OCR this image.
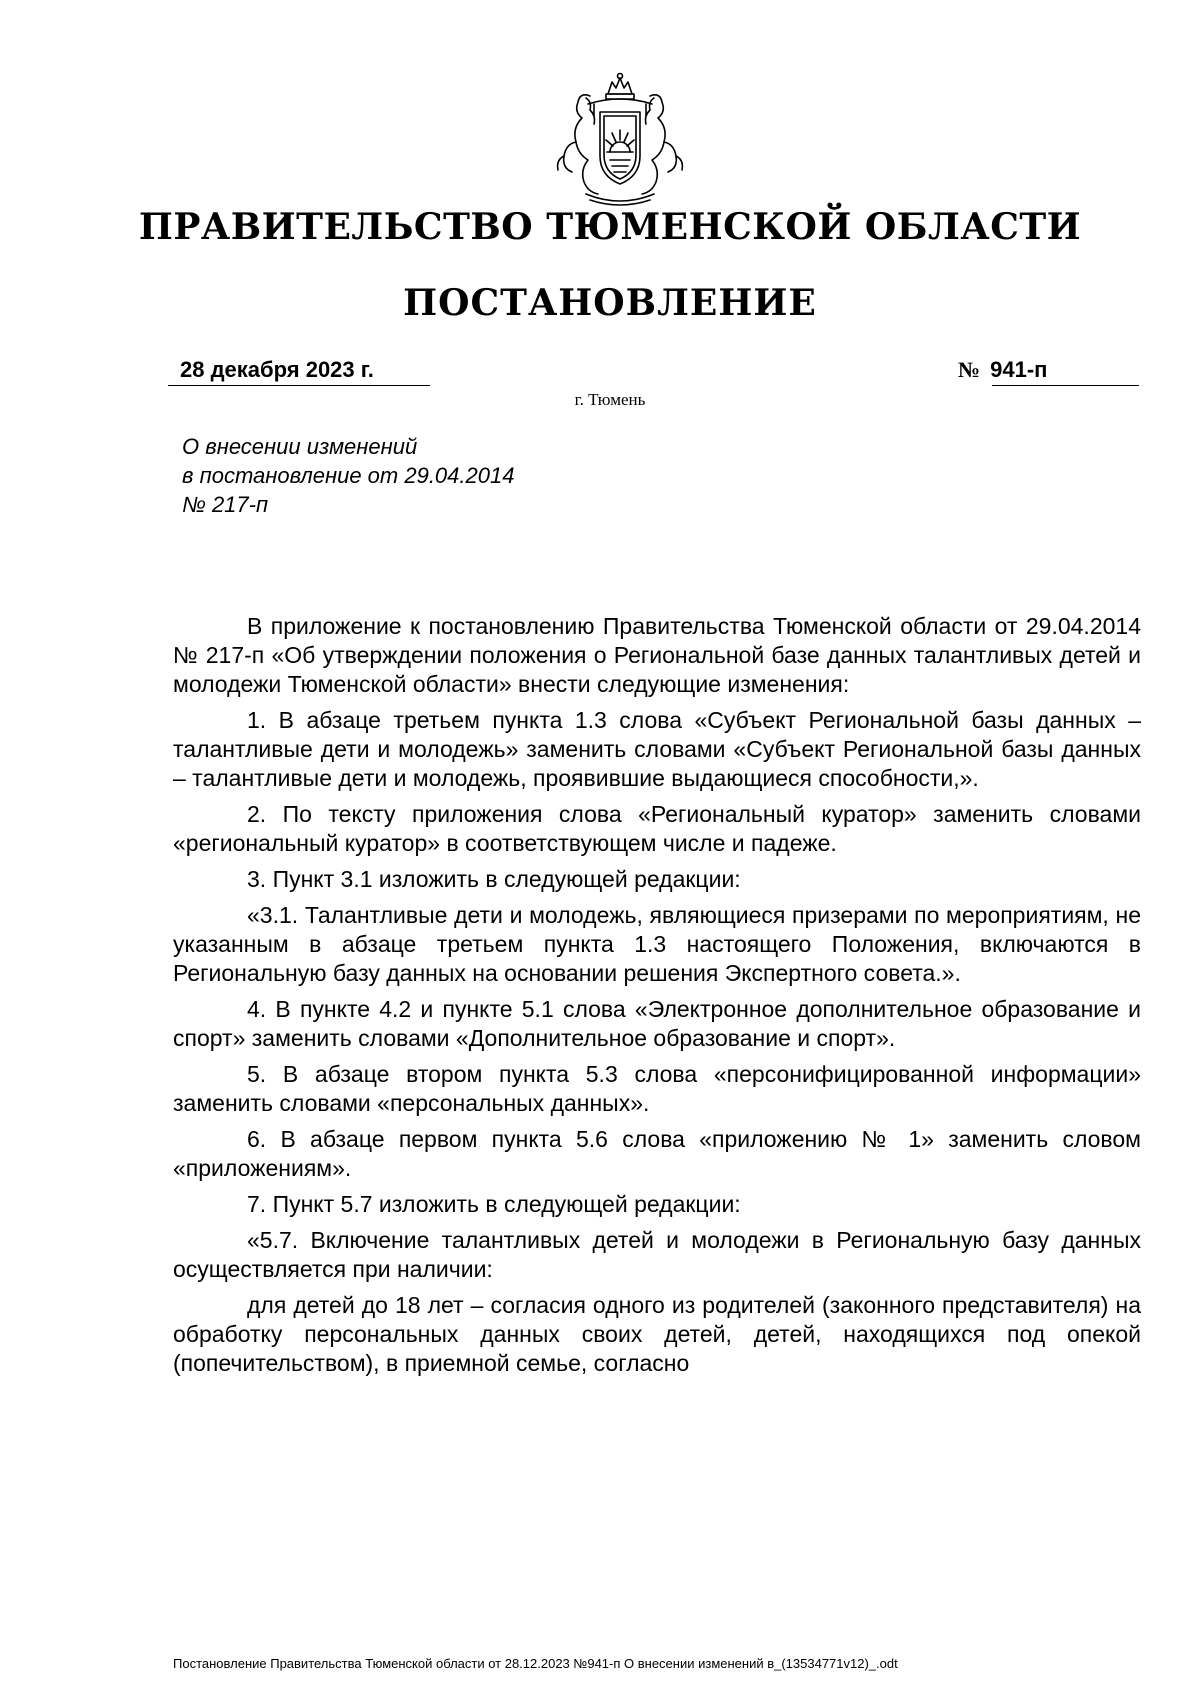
ПРАВИТЕЛЬСТВО ТЮМЕНСКОЙ ОБЛАСТИ
ПОСТАНОВЛЕНИЕ
28 декабря 2023 г.	№ 941-п
г. Тюмень
О внесении изменений
в постановление от 29.04.2014
№ 217-п

В приложение к постановлению Правительства Тюменской области от 29.04.2014 № 217-п «Об утверждении положения о Региональной базе данных талантливых детей и молодежи Тюменской области» внести следующие изменения:

1. В абзаце третьем пункта 1.3 слова «Субъект Региональной базы данных – талантливые дети и молодежь» заменить словами «Субъект Региональной базы данных – талантливые дети и молодежь, проявившие выдающиеся способности,».

2. По тексту приложения слова «Региональный куратор» заменить словами «региональный куратор» в соответствующем числе и падеже.

3. Пункт 3.1 изложить в следующей редакции:

«3.1. Талантливые дети и молодежь, являющиеся призерами по мероприятиям, не указанным в абзаце третьем пункта 1.3 настоящего Положения, включаются в Региональную базу данных на основании решения Экспертного совета.».

4. В пункте 4.2 и пункте 5.1 слова «Электронное дополнительное образование и спорт» заменить словами «Дополнительное образование и спорт».

5. В абзаце втором пункта 5.3 слова «персонифицированной информации» заменить словами «персональных данных».

6. В абзаце первом пункта 5.6 слова «приложению № 1» заменить словом «приложениям».

7. Пункт 5.7 изложить в следующей редакции:

«5.7. Включение талантливых детей и молодежи в Региональную базу данных осуществляется при наличии:

для детей до 18 лет – согласия одного из родителей (законного представителя) на обработку персональных данных своих детей, детей, находящихся под опекой (попечительством), в приемной семье, согласно

Постановление Правительства Тюменской области от 28.12.2023 №941-п О внесении изменений в_(13534771v12)_.odt
